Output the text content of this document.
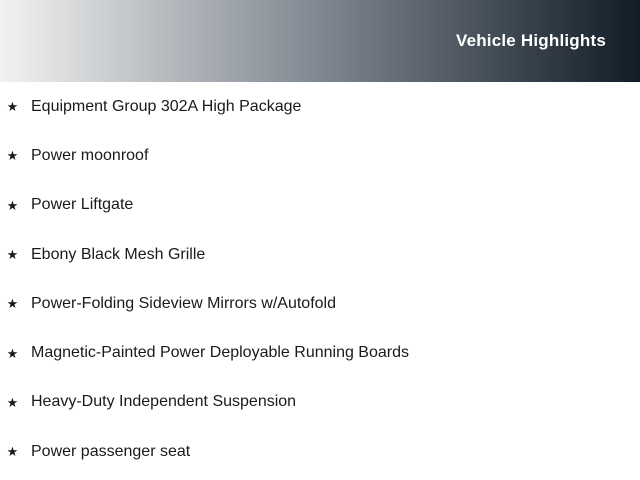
Vehicle Highlights
★ Equipment Group 302A High Package
★ Power moonroof
★ Power Liftgate
★ Ebony Black Mesh Grille
★ Power-Folding Sideview Mirrors w/Autofold
★ Magnetic-Painted Power Deployable Running Boards
★ Heavy-Duty Independent Suspension
★ Power passenger seat
